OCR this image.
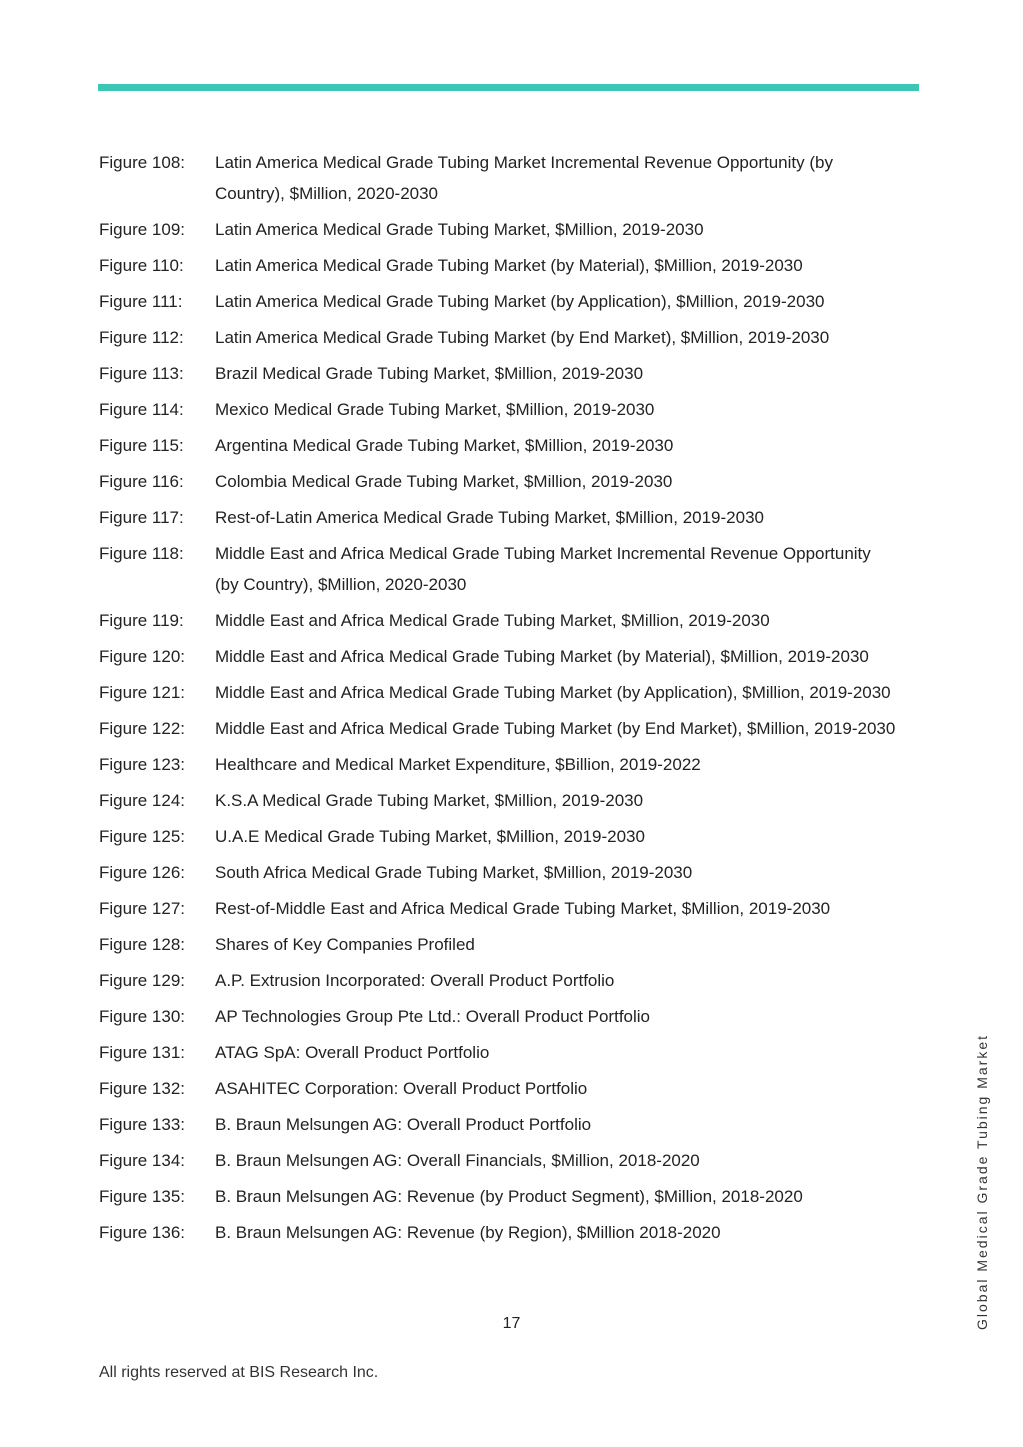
Figure 108:	Latin America Medical Grade Tubing Market Incremental Revenue Opportunity (by Country), $Million, 2020-2030
Figure 109:	Latin America Medical Grade Tubing Market, $Million, 2019-2030
Figure 110:	Latin America Medical Grade Tubing Market (by Material), $Million, 2019-2030
Figure 111:	Latin America Medical Grade Tubing Market (by Application), $Million, 2019-2030
Figure 112:	Latin America Medical Grade Tubing Market (by End Market), $Million, 2019-2030
Figure 113:	Brazil Medical Grade Tubing Market, $Million, 2019-2030
Figure 114:	Mexico Medical Grade Tubing Market, $Million, 2019-2030
Figure 115:	Argentina Medical Grade Tubing Market, $Million, 2019-2030
Figure 116:	Colombia Medical Grade Tubing Market, $Million, 2019-2030
Figure 117:	Rest-of-Latin America Medical Grade Tubing Market, $Million, 2019-2030
Figure 118:	Middle East and Africa Medical Grade Tubing Market Incremental Revenue Opportunity (by Country), $Million, 2020-2030
Figure 119:	Middle East and Africa Medical Grade Tubing Market, $Million, 2019-2030
Figure 120:	Middle East and Africa Medical Grade Tubing Market (by Material), $Million, 2019-2030
Figure 121:	Middle East and Africa Medical Grade Tubing Market (by Application), $Million, 2019-2030
Figure 122:	Middle East and Africa Medical Grade Tubing Market (by End Market), $Million, 2019-2030
Figure 123:	Healthcare and Medical Market Expenditure, $Billion, 2019-2022
Figure 124:	K.S.A Medical Grade Tubing Market, $Million, 2019-2030
Figure 125:	U.A.E Medical Grade Tubing Market, $Million, 2019-2030
Figure 126:	South Africa Medical Grade Tubing Market, $Million, 2019-2030
Figure 127:	Rest-of-Middle East and Africa Medical Grade Tubing Market, $Million, 2019-2030
Figure 128:	Shares of Key Companies Profiled
Figure 129:	A.P. Extrusion Incorporated: Overall Product Portfolio
Figure 130:	AP Technologies Group Pte Ltd.: Overall Product Portfolio
Figure 131:	ATAG SpA: Overall Product Portfolio
Figure 132:	ASAHITEC Corporation: Overall Product Portfolio
Figure 133:	B. Braun Melsungen AG: Overall Product Portfolio
Figure 134:	B. Braun Melsungen AG: Overall Financials, $Million, 2018-2020
Figure 135:	B. Braun Melsungen AG: Revenue (by Product Segment), $Million, 2018-2020
Figure 136:	B. Braun Melsungen AG: Revenue (by Region), $Million 2018-2020
17
All rights reserved at BIS Research Inc.
Global Medical Grade Tubing Market
